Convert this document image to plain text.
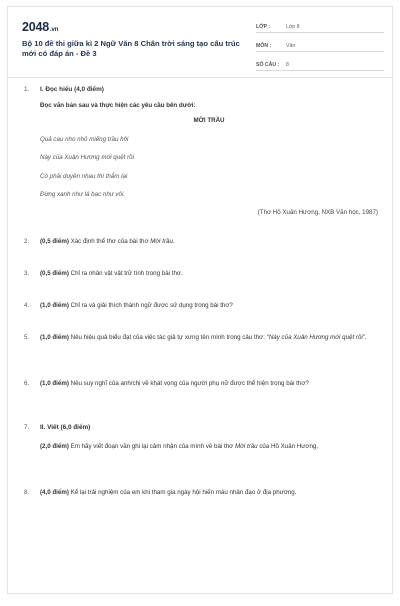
2048.vn
Bộ 10 đề thi giữa kì 2 Ngữ Văn 8 Chân trời sáng tạo cấu trúc mới có đáp án - Đề 3
LỚP :	Lớp 8
MÔN :	Văn
SỐ CÂU :	8
1. I. Đọc hiểu (4,0 điểm)
Đọc văn bản sau và thực hiện các yêu cầu bên dưới:
MỜI TRẦU
Quả cau nho nhỏ miếng trầu hôi
Này của Xuân Hương mới quệt rồi
Có phải duyên nhau thì thắm lại
Đừng xanh như lá bạc như vôi.
(Thơ Hồ Xuân Hương, NXB Văn học, 1987)
2. (0,5 điểm) Xác định thể thơ của bài thơ Mời trầu.
3. (0,5 điểm) Chỉ ra nhân vật vật trữ tình trong bài thơ.
4. (1,0 điểm) Chỉ ra và giải thích thành ngữ được sử dụng trong bài thơ?
5. (1,0 điểm) Nêu hiệu quả biểu đạt của việc tác giả tự xưng tên mình trong câu thơ: "Này của Xuân Hương mới quệt rồi".
6. (1,0 điểm) Nêu suy nghĩ của anh/chị về khát vọng của người phụ nữ được thể hiện trong bài thơ?
7. II. Viết (6,0 điểm)
(2,0 điểm) Em hãy viết đoạn văn ghi lại cảm nhận của mình về bài thơ Mời trầu của Hồ Xuân Hương.
8. (4,0 điểm) Kể lại trải nghiệm của em khi tham gia ngày hội hiến máu nhân đạo ở địa phương.
